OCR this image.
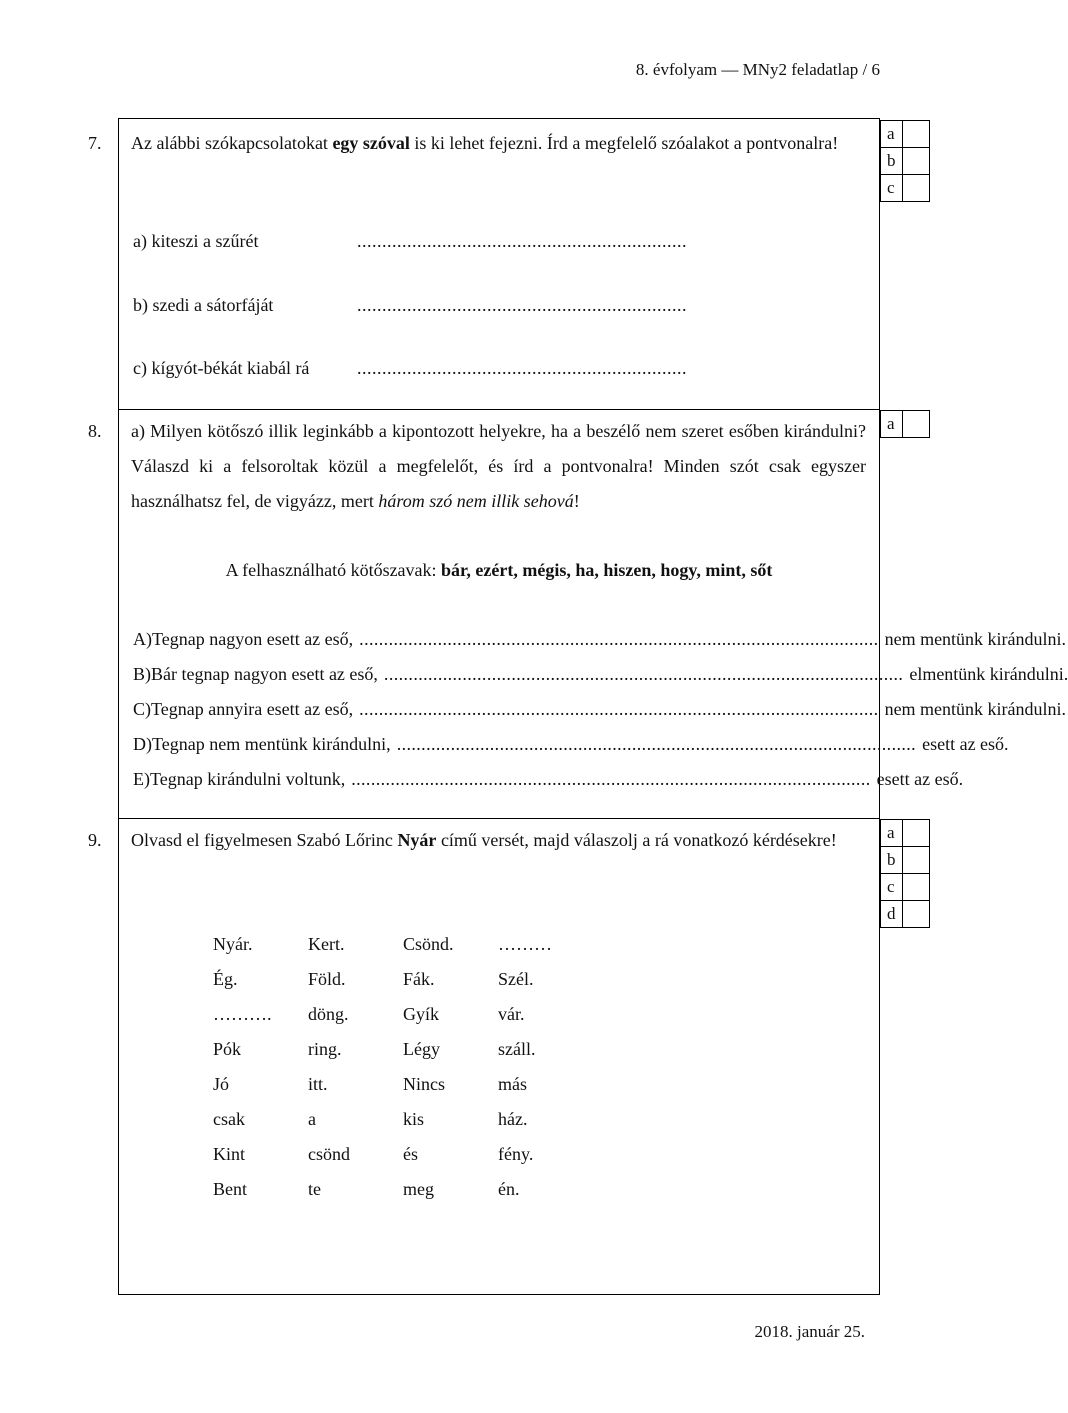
8. évfolyam — MNy2 feladatlap / 6
7. Az alábbi szókapcsolatokat egy szóval is ki lehet fejezni. Írd a megfelelő szóalakot a pontvonalra!
a) kiteszi a szűrét	..................................................................
b) szedi a sátorfáját	..................................................................
c) kígyót-békát kiabál rá	..................................................................
a	
b	
c	
8. a) Milyen kötőszó illik leginkább a kipontozott helyekre, ha a beszélő nem szeret esőben kirándulni? Válaszd ki a felsoroltak közül a megfelelőt, és írd a pontvonalra! Minden szót csak egyszer használhatsz fel, de vigyázz, mert három szó nem illik sehová!
A felhasználható kötőszavak: bár, ezért, mégis, ha, hiszen, hogy, mint, sőt
A) Tegnap nagyon esett az eső, .......................................................................................................... nem mentünk kirándulni.
B) Bár tegnap nagyon esett az eső, .......................................................................................................... elmentünk kirándulni.
C) Tegnap annyira esett az eső, .......................................................................................................... nem mentünk kirándulni.
D) Tegnap nem mentünk kirándulni, .......................................................................................................... esett az eső.
E) Tegnap kirándulni voltunk, .......................................................................................................... esett az eső.
a	
9. Olvasd el figyelmesen Szabó Lőrinc Nyár című versét, majd válaszolj a rá vonatkozó kérdésekre!
Nyár.	Kert.	Csönd.	………
Ég.	Föld.	Fák.	Szél.
……….	döng.	Gyík	vár.
Pók	ring.	Légy	száll.
Jó	itt.	Nincs	más
csak	a	kis	ház.
Kint	csönd	és	fény.
Bent	te	meg	én.
a	
b	
c	
d	
2018. január 25.
